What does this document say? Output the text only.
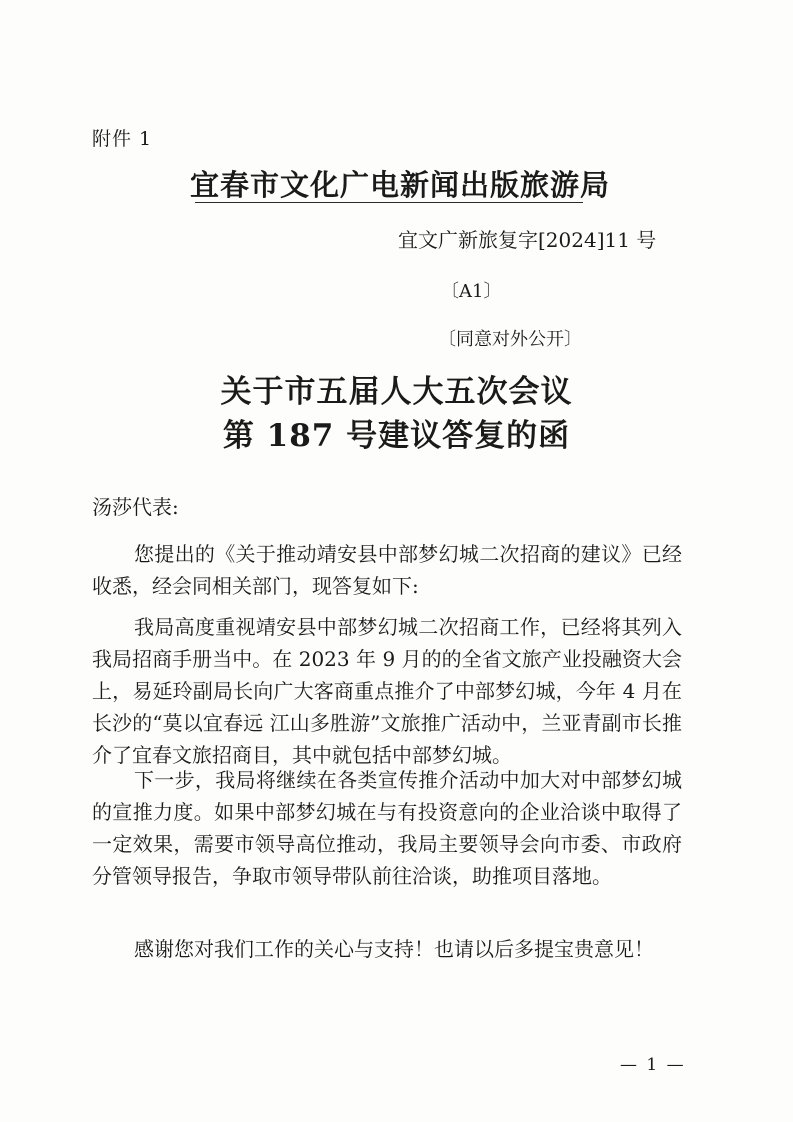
附件 1
宜春市文化广电新闻出版旅游局
宜文广新旅复字[2024]11 号
〔A1〕
〔同意对外公开〕
关于市五届人大五次会议
第 187 号建议答复的函
汤莎代表:

您提出的《关于推动靖安县中部梦幻城二次招商的建议》已经收悉，经会同相关部门，现答复如下:

我局高度重视靖安县中部梦幻城二次招商工作，已经将其列入我局招商手册当中。在 2023 年 9 月的的全省文旅产业投融资大会上，易延玲副局长向广大客商重点推介了中部梦幻城，今年 4 月在长沙的“莫以宜春远 江山多胜游”文旅推广活动中，兰亚青副市长推介了宜春文旅招商目，其中就包括中部梦幻城。

下一步，我局将继续在各类宣传推介活动中加大对中部梦幻城的宣推力度。如果中部梦幻城在与有投资意向的企业洽谈中取得了一定效果，需要市领导高位推动，我局主要领导会向市委、市政府分管领导报告，争取市领导带队前往洽谈，助推项目落地。

感谢您对我们工作的关心与支持！也请以后多提宝贵意见！

— 1 —
